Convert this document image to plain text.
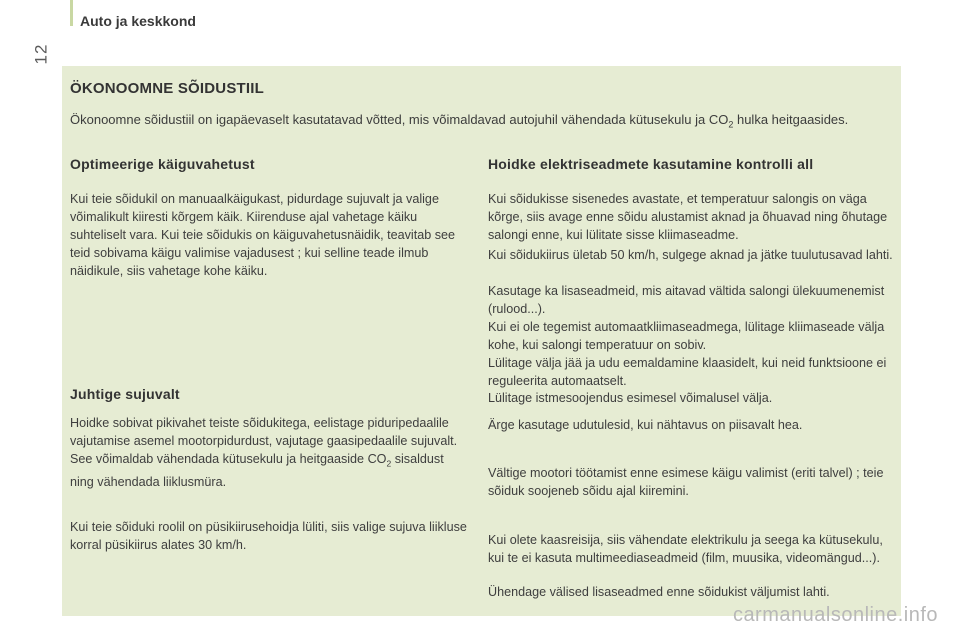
Auto ja keskkond

12

ÖKONOOMNE SÕIDUSTIIL

Ökonoomne sõidustiil on igapäevaselt kasutatavad võtted, mis võimaldavad autojuhil vähendada kütusekulu ja $CO_2$ hulka heitgaasides.

Optimeerige käiguvahetust

Kui teie sõidukil on manuaalkäigukast, pidurdage sujuvalt ja valige võimalikult kiiresti kõrgem käik. Kiirenduse ajal vahetage käiku suhteliselt vara. Kui teie sõidukis on käiguvahetusnäidik, teavitab see teid sobivama käigu valimise vajadusest ; kui selline teade ilmub näidikule, siis vahetage kohe käiku.

Juhtige sujuvalt

Hoidke sobivat pikivahet teiste sõidukitega, eelistage piduripedaalile vajutamise asemel mootorpidurdust, vajutage gaasipedaalile sujuvalt. See võimaldab vähendada kütusekulu ja heitgaaside $CO_2$ sisaldust ning vähendada liiklusmüra.

Kui teie sõiduki roolil on püsikiirusehoidja lüliti, siis valige sujuva liikluse korral püsikiirus alates 30 km/h.

Hoidke elektriseadmete kasutamine kontrolli all

Kui sõidukisse sisenedes avastate, et temperatuur salongis on väga kõrge, siis avage enne sõidu alustamist aknad ja õhuavad ning õhutage salongi enne, kui lülitate sisse kliimaseadme.

Kui sõidukiirus ületab 50 km/h, sulgege aknad ja jätke tuulutusavad lahti.

Kasutage ka lisaseadmeid, mis aitavad vältida salongi ülekuumenemist (rulood...).

Kui ei ole tegemist automaatkliimaseadmega, lülitage kliimaseade välja kohe, kui salongi temperatuur on sobiv.

Lülitage välja jää ja udu eemaldamine klaasidelt, kui neid funktsioone ei reguleerita automaatselt.

Lülitage istmesoojendus esimesel võimalusel välja.

Ärge kasutage udutulesid, kui nähtavus on piisavalt hea.

Vältige mootori töötamist enne esimese käigu valimist (eriti talvel) ; teie sõiduk soojeneb sõidu ajal kiiremini.

Kui olete kaasreisija, siis vähendate elektrikulu ja seega ka kütusekulu, kui te ei kasuta multimeediaseadmeid (film, muusika, videomängud...).

Ühendage välised lisaseadmed enne sõidukist väljumist lahti.

carmanualsonline.info
